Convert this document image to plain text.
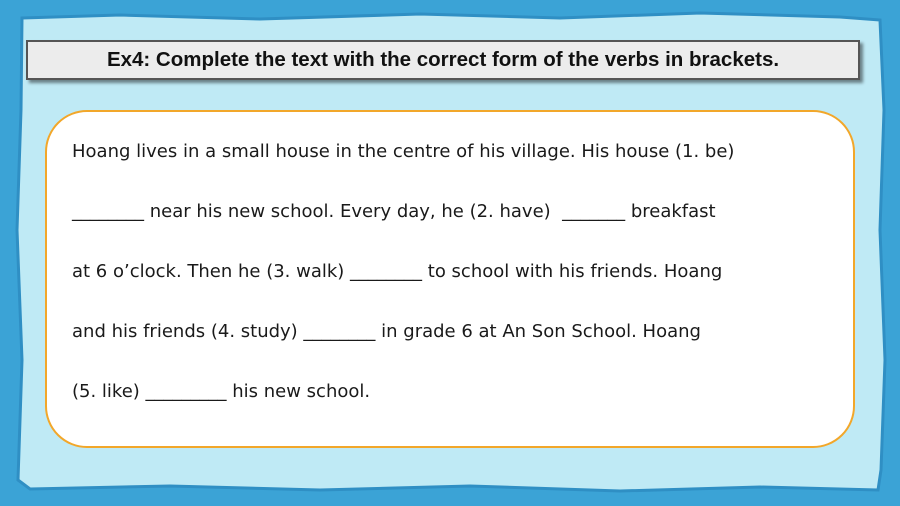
Ex4: Complete the text with the correct form of the verbs in brackets.
Hoang lives in a small house in the centre of his village. His house (1. be)
________ near his new school. Every day, he (2. have)  _______ breakfast
at 6 o’clock. Then he (3. walk) ________ to school with his friends. Hoang
and his friends (4. study) ________ in grade 6 at An Son School. Hoang
(5. like) _________ his new school.
